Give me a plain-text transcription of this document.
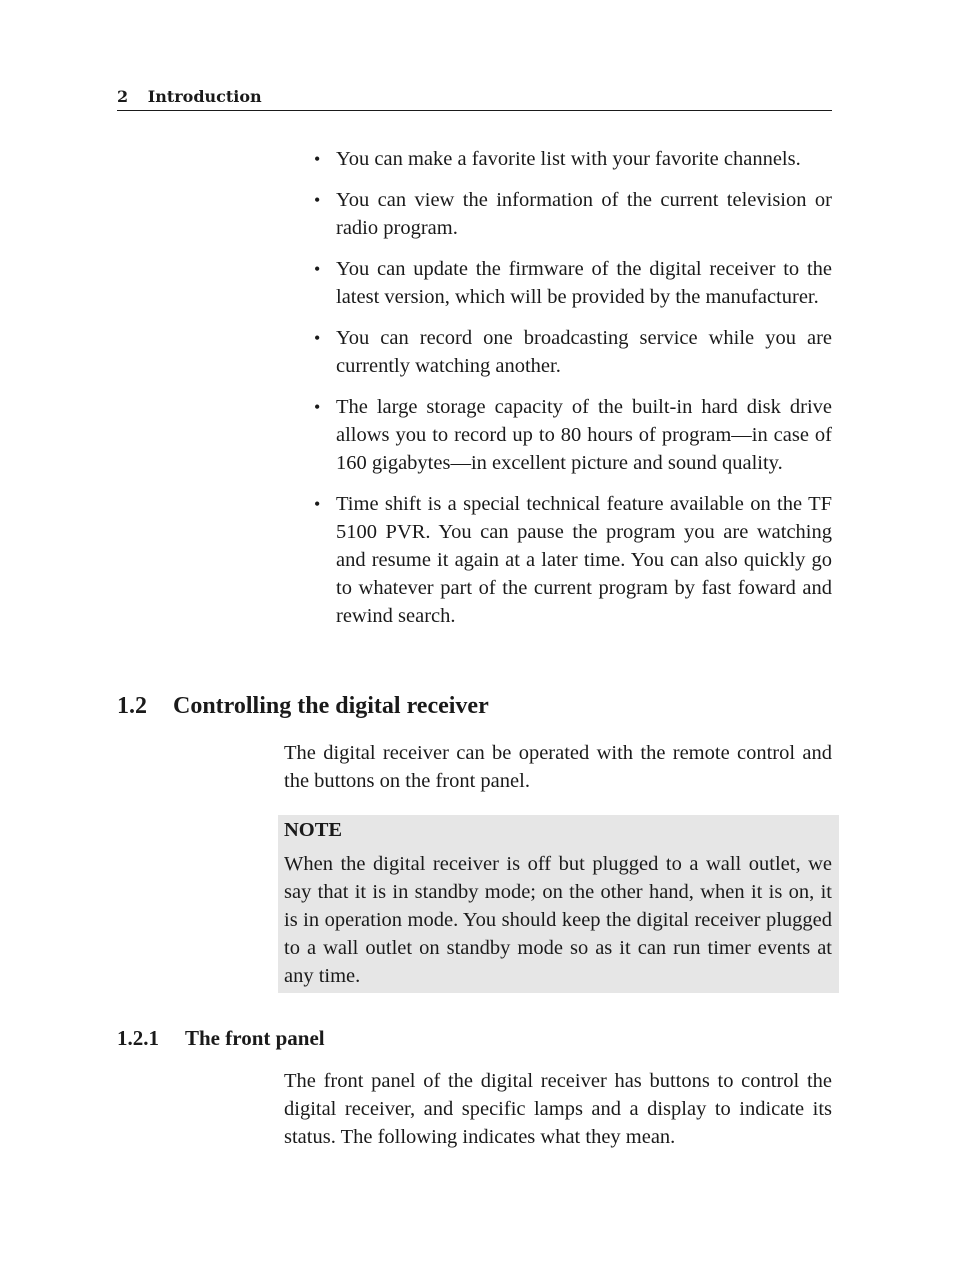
2 Introduction
• You can make a favorite list with your favorite channels.
• You can view the information of the current television or radio program.
• You can update the firmware of the digital receiver to the latest version, which will be provided by the manufacturer.
• You can record one broadcasting service while you are currently watching another.
• The large storage capacity of the built-in hard disk drive allows you to record up to 80 hours of program—in case of 160 gigabytes—in excellent picture and sound quality.
• Time shift is a special technical feature available on the TF 5100 PVR. You can pause the program you are watching and resume it again at a later time. You can also quickly go to whatever part of the current program by fast foward and rewind search.
1.2 Controlling the digital receiver

The digital receiver can be operated with the remote control and the buttons on the front panel.

NOTE

When the digital receiver is off but plugged to a wall outlet, we say that it is in standby mode; on the other hand, when it is on, it is in operation mode. You should keep the digital receiver plugged to a wall outlet on standby mode so as it can run timer events at any time.

1.2.1 The front panel

The front panel of the digital receiver has buttons to control the digital receiver, and specific lamps and a display to indicate its status. The following indicates what they mean.
